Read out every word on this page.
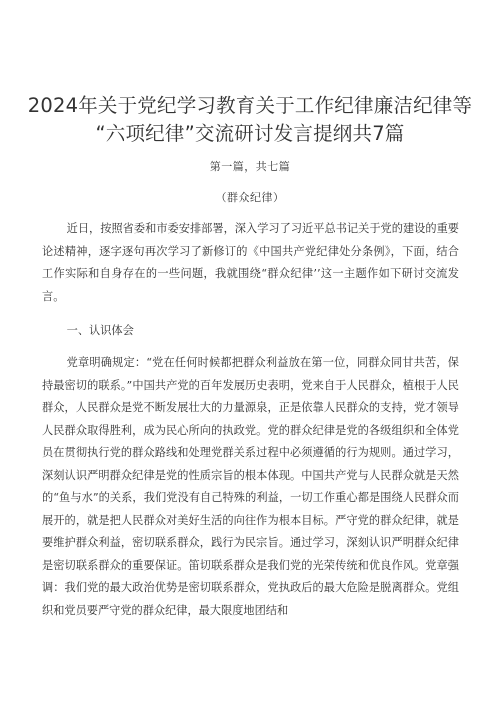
2024年关于党纪学习教育关于工作纪律廉洁纪律等
“六项纪律”交流研讨发言提纲共7篇
第一篇，共七篇
（群众纪律）

近日，按照省委和市委安排部署，深入学习了习近平总书记关于党的建设的重要论述精神，逐字逐句再次学习了新修订的《中国共产党纪律处分条例》，下面，结合工作实际和自身存在的一些问题，我就围绕“群众纪律’’这一主题作如下研讨交流发言。

一、认识体会

党章明确规定：“党在任何时候都把群众利益放在第一位，同群众同甘共苦，保持最密切的联系。”中国共产党的百年发展历史表明，党来自于人民群众，植根于人民群众，人民群众是党不断发展壮大的力量源泉，正是依靠人民群众的支持，党才领导人民群众取得胜利，成为民心所向的执政党。党的群众纪律是党的各级组织和全体党员在贯彻执行党的群众路线和处理党群关系过程中必须遵循的行为规则。通过学习，深刻认识严明群众纪律是党的性质宗旨的根本体现。中国共产党与人民群众就是天然的“鱼与水”的关系，我们党没有自己特殊的利益，一切工作重心都是围绕人民群众而展开的，就是把人民群众对美好生活的向往作为根本目标。严守党的群众纪律，就是要维护群众利益，密切联系群众，践行为民宗旨。通过学习，深刻认识严明群众纪律是密切联系群众的重要保证。笛切联系群众是我们党的光荣传统和优良作风。党章强调：我们党的最大政治优势是密切联系群众，党执政后的最大危险是脱离群众。党组织和党员要严守党的群众纪律，最大限度地团结和
